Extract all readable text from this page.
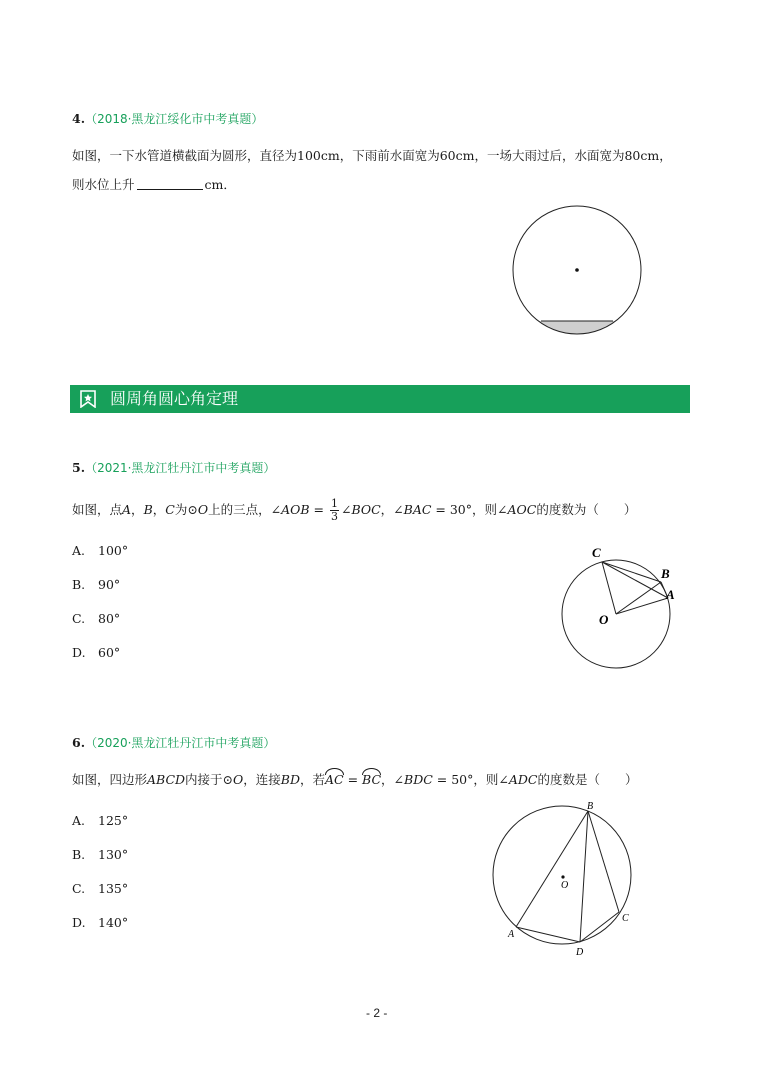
4.（2018·黑龙江绥化市中考真题）
如图，一下水管道横截面为圆形，直径为100cm，下雨前水面宽为60cm，一场大雨过后，水面宽为80cm，
则水位上升	cm．
圆周角圆心角定理
5.（2021·黑龙江牡丹江市中考真题）
如图，点A，B，C为⊙O上的三点，∠AOB = $\frac{1}{3}$ ∠BOC，∠BAC = 30°，则∠AOC的度数为（　　）
A. 100°
B. 90°
C. 80°
D. 60°
C
B
A
O
6.（2020·黑龙江牡丹江市中考真题）
如图，四边形ABCD内接于⊙O，连接BD，若AC = BC，∠BDC = 50°，则∠ADC的度数是（　　）
A. 125°
B. 130°
C. 135°
D. 140°
B
O
C
A
D
- 2 -
